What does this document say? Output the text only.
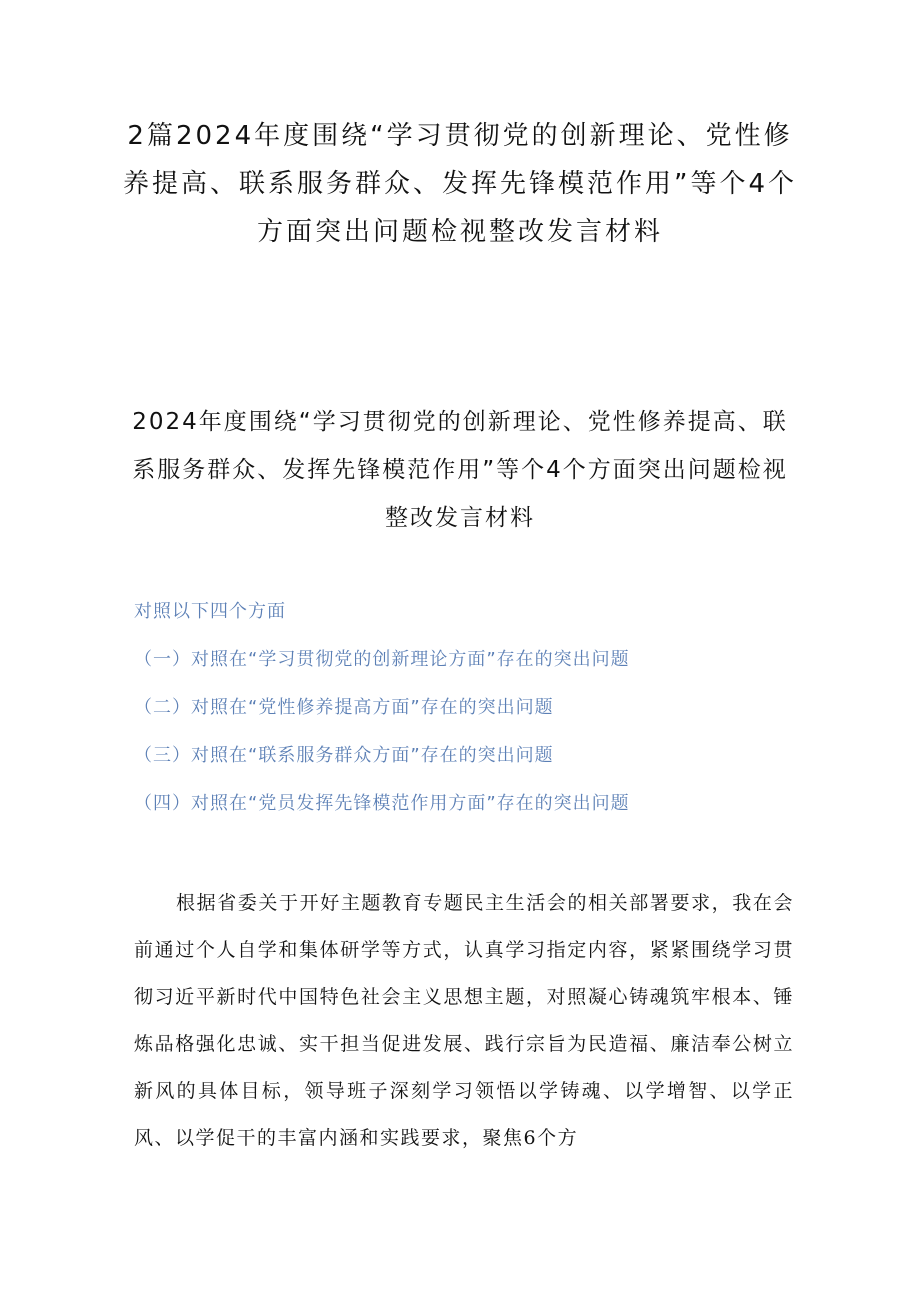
2篇2024年度围绕“学习贯彻党的创新理论、党性修养提高、联系服务群众、发挥先锋模范作用”等个4个方面突出问题检视整改发言材料
2024年度围绕“学习贯彻党的创新理论、党性修养提高、联系服务群众、发挥先锋模范作用”等个4个方面突出问题检视整改发言材料
对照以下四个方面
（一）对照在“学习贯彻党的创新理论方面”存在的突出问题
（二）对照在“党性修养提高方面”存在的突出问题
（三）对照在“联系服务群众方面”存在的突出问题
（四）对照在“党员发挥先锋模范作用方面”存在的突出问题

根据省委关于开好主题教育专题民主生活会的相关部署要求，我在会前通过个人自学和集体研学等方式，认真学习指定内容，紧紧围绕学习贯彻习近平新时代中国特色社会主义思想主题，对照凝心铸魂筑牢根本、锤炼品格强化忠诚、实干担当促进发展、践行宗旨为民造福、廉洁奉公树立新风的具体目标，领导班子深刻学习领悟以学铸魂、以学增智、以学正风、以学促干的丰富内涵和实践要求，聚焦6个方
